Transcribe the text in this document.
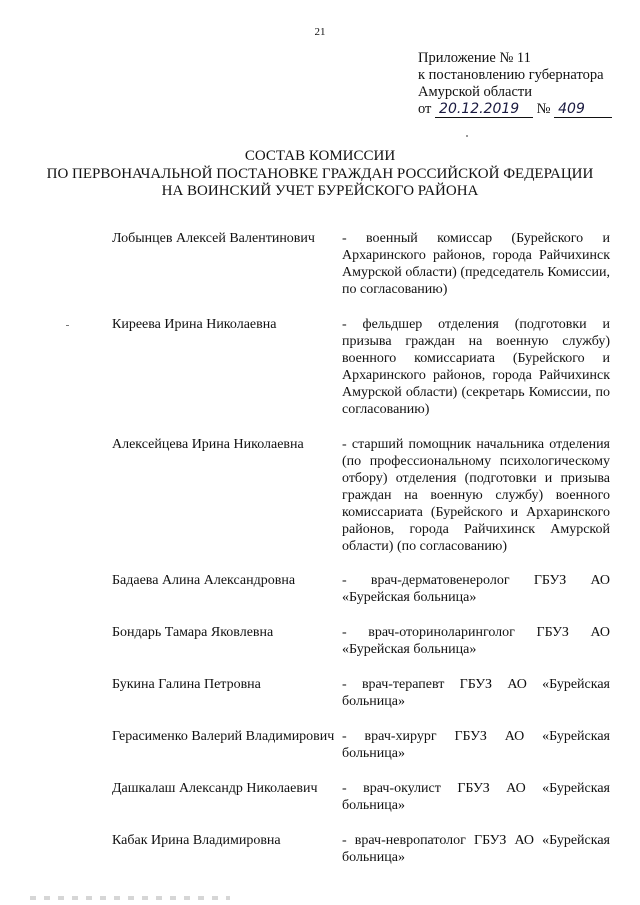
21
Приложение № 11
к постановлению губернатора
Амурской области
от 20.12.2019 № 409
СОСТАВ КОМИССИИ
ПО ПЕРВОНАЧАЛЬНОЙ ПОСТАНОВКЕ ГРАЖДАН РОССИЙСКОЙ ФЕДЕРАЦИИ
НА ВОИНСКИЙ УЧЕТ БУРЕЙСКОГО РАЙОНА
Лобынцев Алексей Валентинович	- военный комиссар (Бурейского и Архаринского районов, города Райчихинск Амурской области) (председатель Комиссии, по согласованию)
Киреева Ирина Николаевна	- фельдшер отделения (подготовки и призыва граждан на военную службу) военного комиссариата (Бурейского и Архаринского районов, города Райчихинск Амурской области) (секретарь Комиссии, по согласованию)
Алексейцева Ирина Николаевна	- старший помощник начальника отделения (по профессиональному психологическому отбору) отделения (подготовки и призыва граждан на военную службу) военного комиссариата (Бурейского и Архаринского районов, города Райчихинск Амурской области) (по согласованию)
Бадаева Алина Александровна	- врач-дерматовенеролог ГБУЗ АО «Бурейская больница»
Бондарь Тамара Яковлевна	- врач-оториноларинголог ГБУЗ АО «Бурейская больница»
Букина Галина Петровна	- врач-терапевт ГБУЗ АО «Бурейская больница»
Герасименко Валерий Владимирович - врач-хирург ГБУЗ АО «Бурейская больница»
Дашкалаш Александр Николаевич	- врач-окулист ГБУЗ АО «Бурейская больница»
Кабак Ирина Владимировна	- врач-невропатолог ГБУЗ АО «Бурейская больница»
